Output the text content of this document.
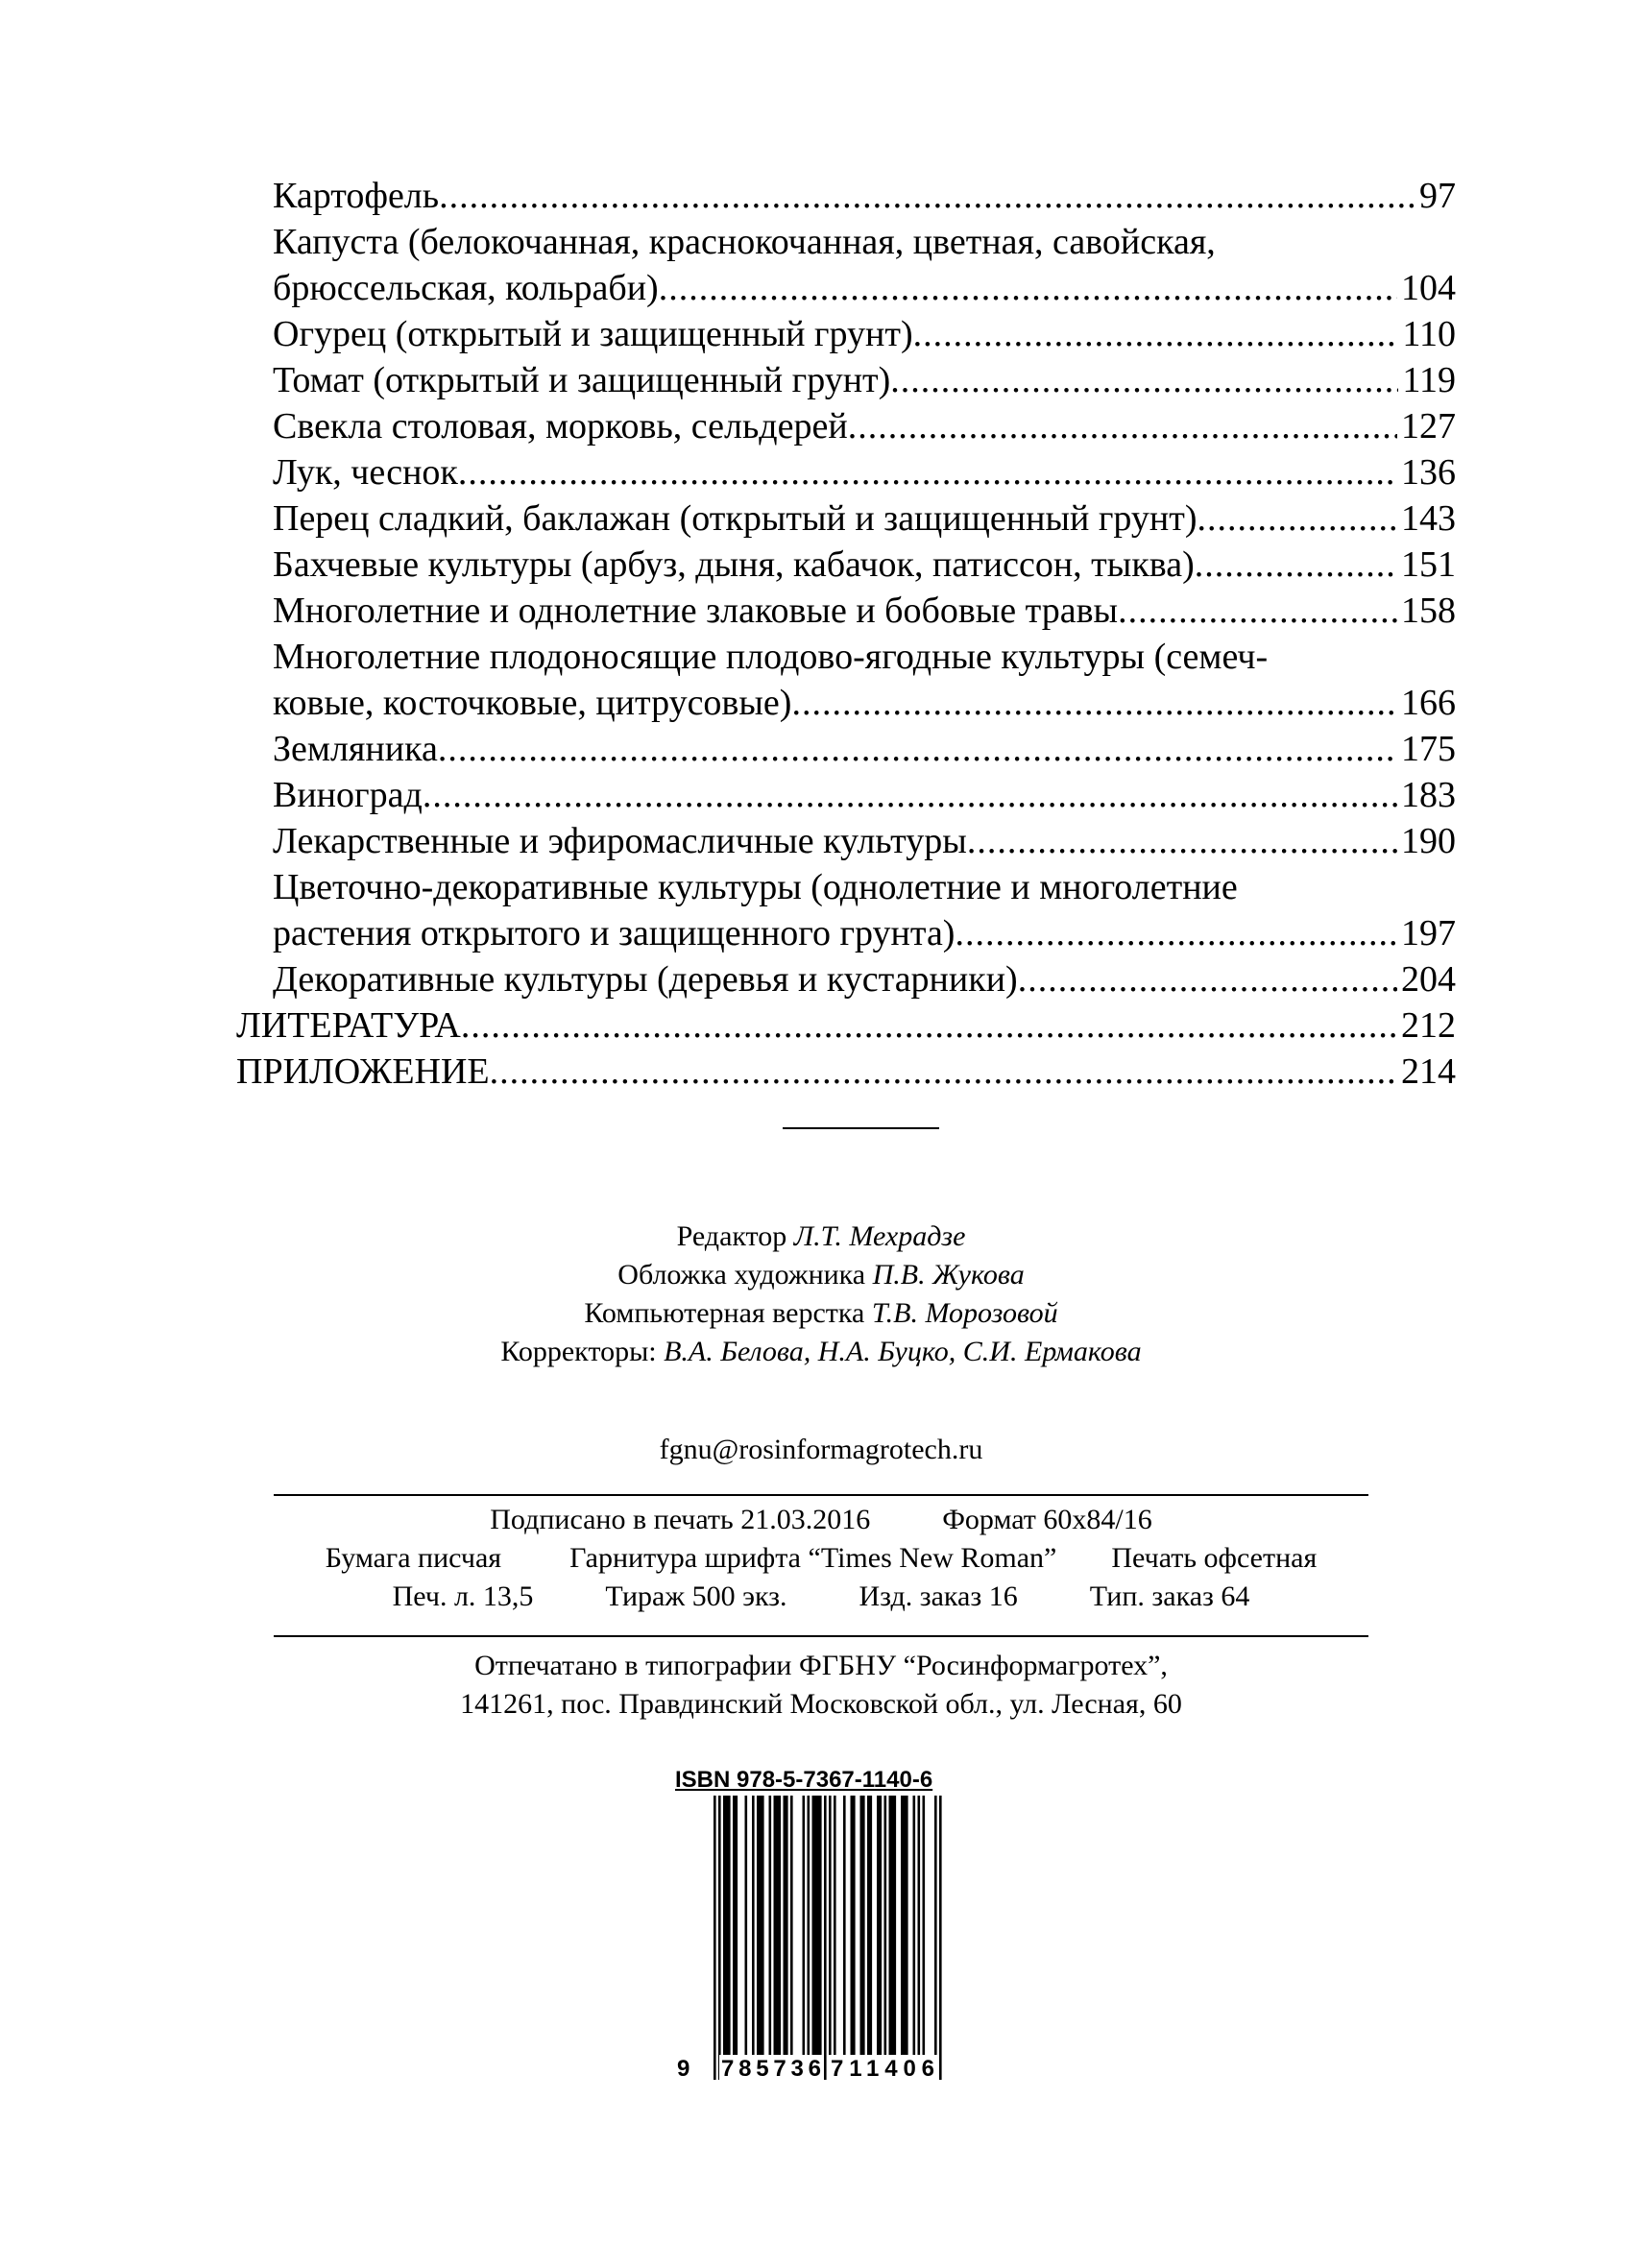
Картофель .....	97
Капуста (белокочанная, краснокочанная, цветная, савойская,
брюссельская, кольраби) .....	104
Огурец (открытый и защищенный грунт) .....	110
Томат (открытый и защищенный грунт) .....	119
Свекла столовая, морковь, сельдерей .....	127
Лук, чеснок .....	136
Перец сладкий, баклажан (открытый и защищенный грунт) .....	143
Бахчевые культуры (арбуз, дыня, кабачок, патиссон, тыква) .....	151
Многолетние и однолетние злаковые и бобовые травы .....	158
Многолетние плодоносящие плодово-ягодные культуры (семеч-
ковые, косточковые, цитрусовые) .....	166
Земляника .....	175
Виноград .....	183
Лекарственные и эфиромасличные культуры .....	190
Цветочно-декоративные культуры (однолетние и многолетние
растения открытого и защищенного грунта) .....	197
Декоративные культуры (деревья и кустарники) .....	204
ЛИТЕРАТУРА .....	212
ПРИЛОЖЕНИЕ .....	214
Редактор Л.Т. Мехрадзе
Обложка художника П.В. Жукова
Компьютерная верстка Т.В. Морозовой
Корректоры: В.А. Белова, Н.А. Буцко, С.И. Ермакова
fgnu@rosinformagrotech.ru
Подписано в печать 21.03.2016	Формат 60x84/16
Бумага писчая Гарнитура шрифта “Times New Roman” Печать офсетная
Печ. л. 13,5	Тираж 500 экз.	Изд. заказ 16	Тип. заказ 64
Отпечатано в типографии ФГБНУ “Росинформагротех”,
141261, пос. Правдинский Московской обл., ул. Лесная, 60
ISBN 978-5-7367-1140-6
9 785736 711406
